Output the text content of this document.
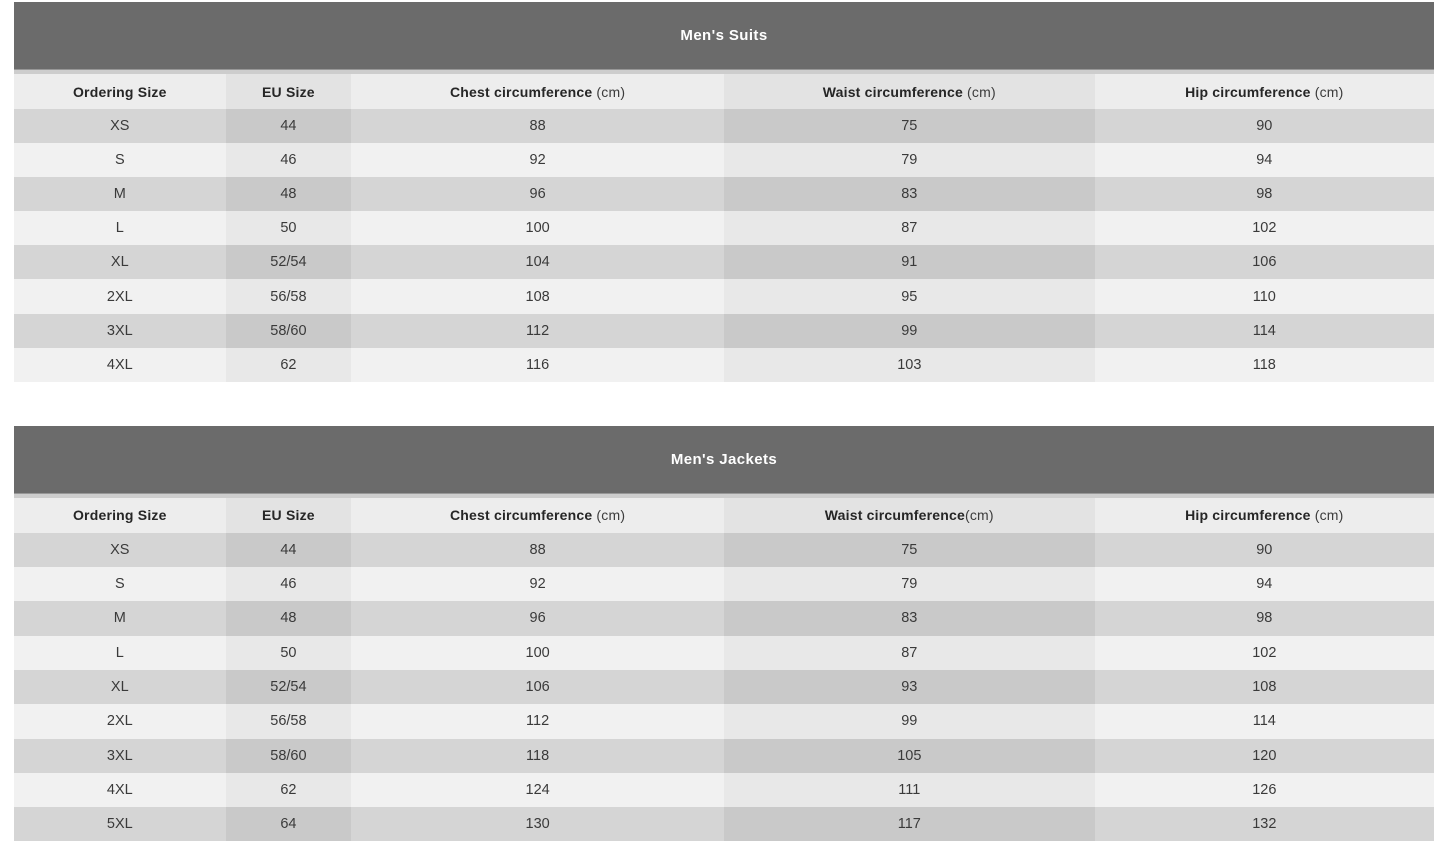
Men's Suits
Ordering Size	EU Size	Chest circumference (cm)	Waist circumference (cm)	Hip circumference (cm)
XS	44	88	75	90
S	46	92	79	94
M	48	96	83	98
L	50	100	87	102
XL	52/54	104	91	106
2XL	56/58	108	95	110
3XL	58/60	112	99	114
4XL	62	116	103	118
Men's Jackets
Ordering Size	EU Size	Chest circumference (cm)	Waist circumference(cm)	Hip circumference (cm)
XS	44	88	75	90
S	46	92	79	94
M	48	96	83	98
L	50	100	87	102
XL	52/54	106	93	108
2XL	56/58	112	99	114
3XL	58/60	118	105	120
4XL	62	124	111	126
5XL	64	130	117	132
